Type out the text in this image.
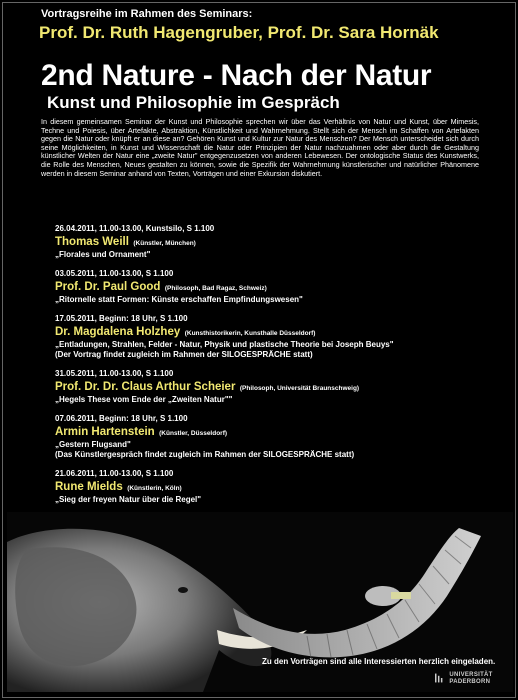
Vortragsreihe im Rahmen des Seminars:
Prof. Dr. Ruth Hagengruber, Prof. Dr. Sara Hornäk
2nd Nature - Nach der Natur
Kunst und Philosophie im Gespräch
In diesem gemeinsamen Seminar der Kunst und Philosophie sprechen wir über das Verhältnis von Natur und Kunst, über Mimesis, Techne und Poiesis, über Artefakte, Abstraktion, Künstlichkeit und Wahrnehmung. Stellt sich der Mensch im Schaffen von Artefakten gegen die Natur oder knüpft er an diese an? Gehören Kunst und Kultur zur Natur des Menschen? Der Mensch unterscheidet sich durch seine Möglichkeiten, in Kunst und Wissenschaft die Natur oder Prinzipien der Natur nachzuahmen oder aber durch die Gestaltung künstlicher Welten der Natur eine „zweite Natur" entgegenzusetzen von anderen Lebewesen. Der ontologische Status des Kunstwerks, die Rolle des Menschen, Neues gestalten zu können, sowie die Spezifik der Wahrnehmung künstlerischer und natürlicher Phänomene werden in diesem Seminar anhand von Texten, Vorträgen und einer Exkursion diskutiert.
26.04.2011, 11.00-13.00, Kunstsilo, S 1.100
Thomas Weill (Künstler, München)
„Florales und Ornament"
03.05.2011, 11.00-13.00, S 1.100
Prof. Dr. Paul Good (Philosoph, Bad Ragaz, Schweiz)
„Ritornelle statt Formen: Künste erschaffen Empfindungswesen"
17.05.2011, Beginn: 18 Uhr, S 1.100
Dr. Magdalena Holzhey (Kunsthistorikerin, Kunsthalle Düsseldorf)
„Entladungen, Strahlen, Felder - Natur, Physik und plastische Theorie bei Joseph Beuys"
(Der Vortrag findet zugleich im Rahmen der SILOGESPRÄCHE statt)
31.05.2011, 11.00-13.00, S 1.100
Prof. Dr. Dr. Claus Arthur Scheier (Philosoph, Universität Braunschweig)
„Hegels These vom Ende der „Zweiten Natur""
07.06.2011, Beginn: 18 Uhr, S 1.100
Armin Hartenstein (Künstler, Düsseldorf)
„Gestern Flugsand"
(Das Künstlergespräch findet zugleich im Rahmen der SILOGESPRÄCHE statt)
21.06.2011, 11.00-13.00, S 1.100
Rune Mields (Künstlerin, Köln)
„Sieg der freyen Natur über die Regel"
Zu den Vorträgen sind alle Interessierten herzlich eingeladen.
UNIVERSITÄT PADERBORN
